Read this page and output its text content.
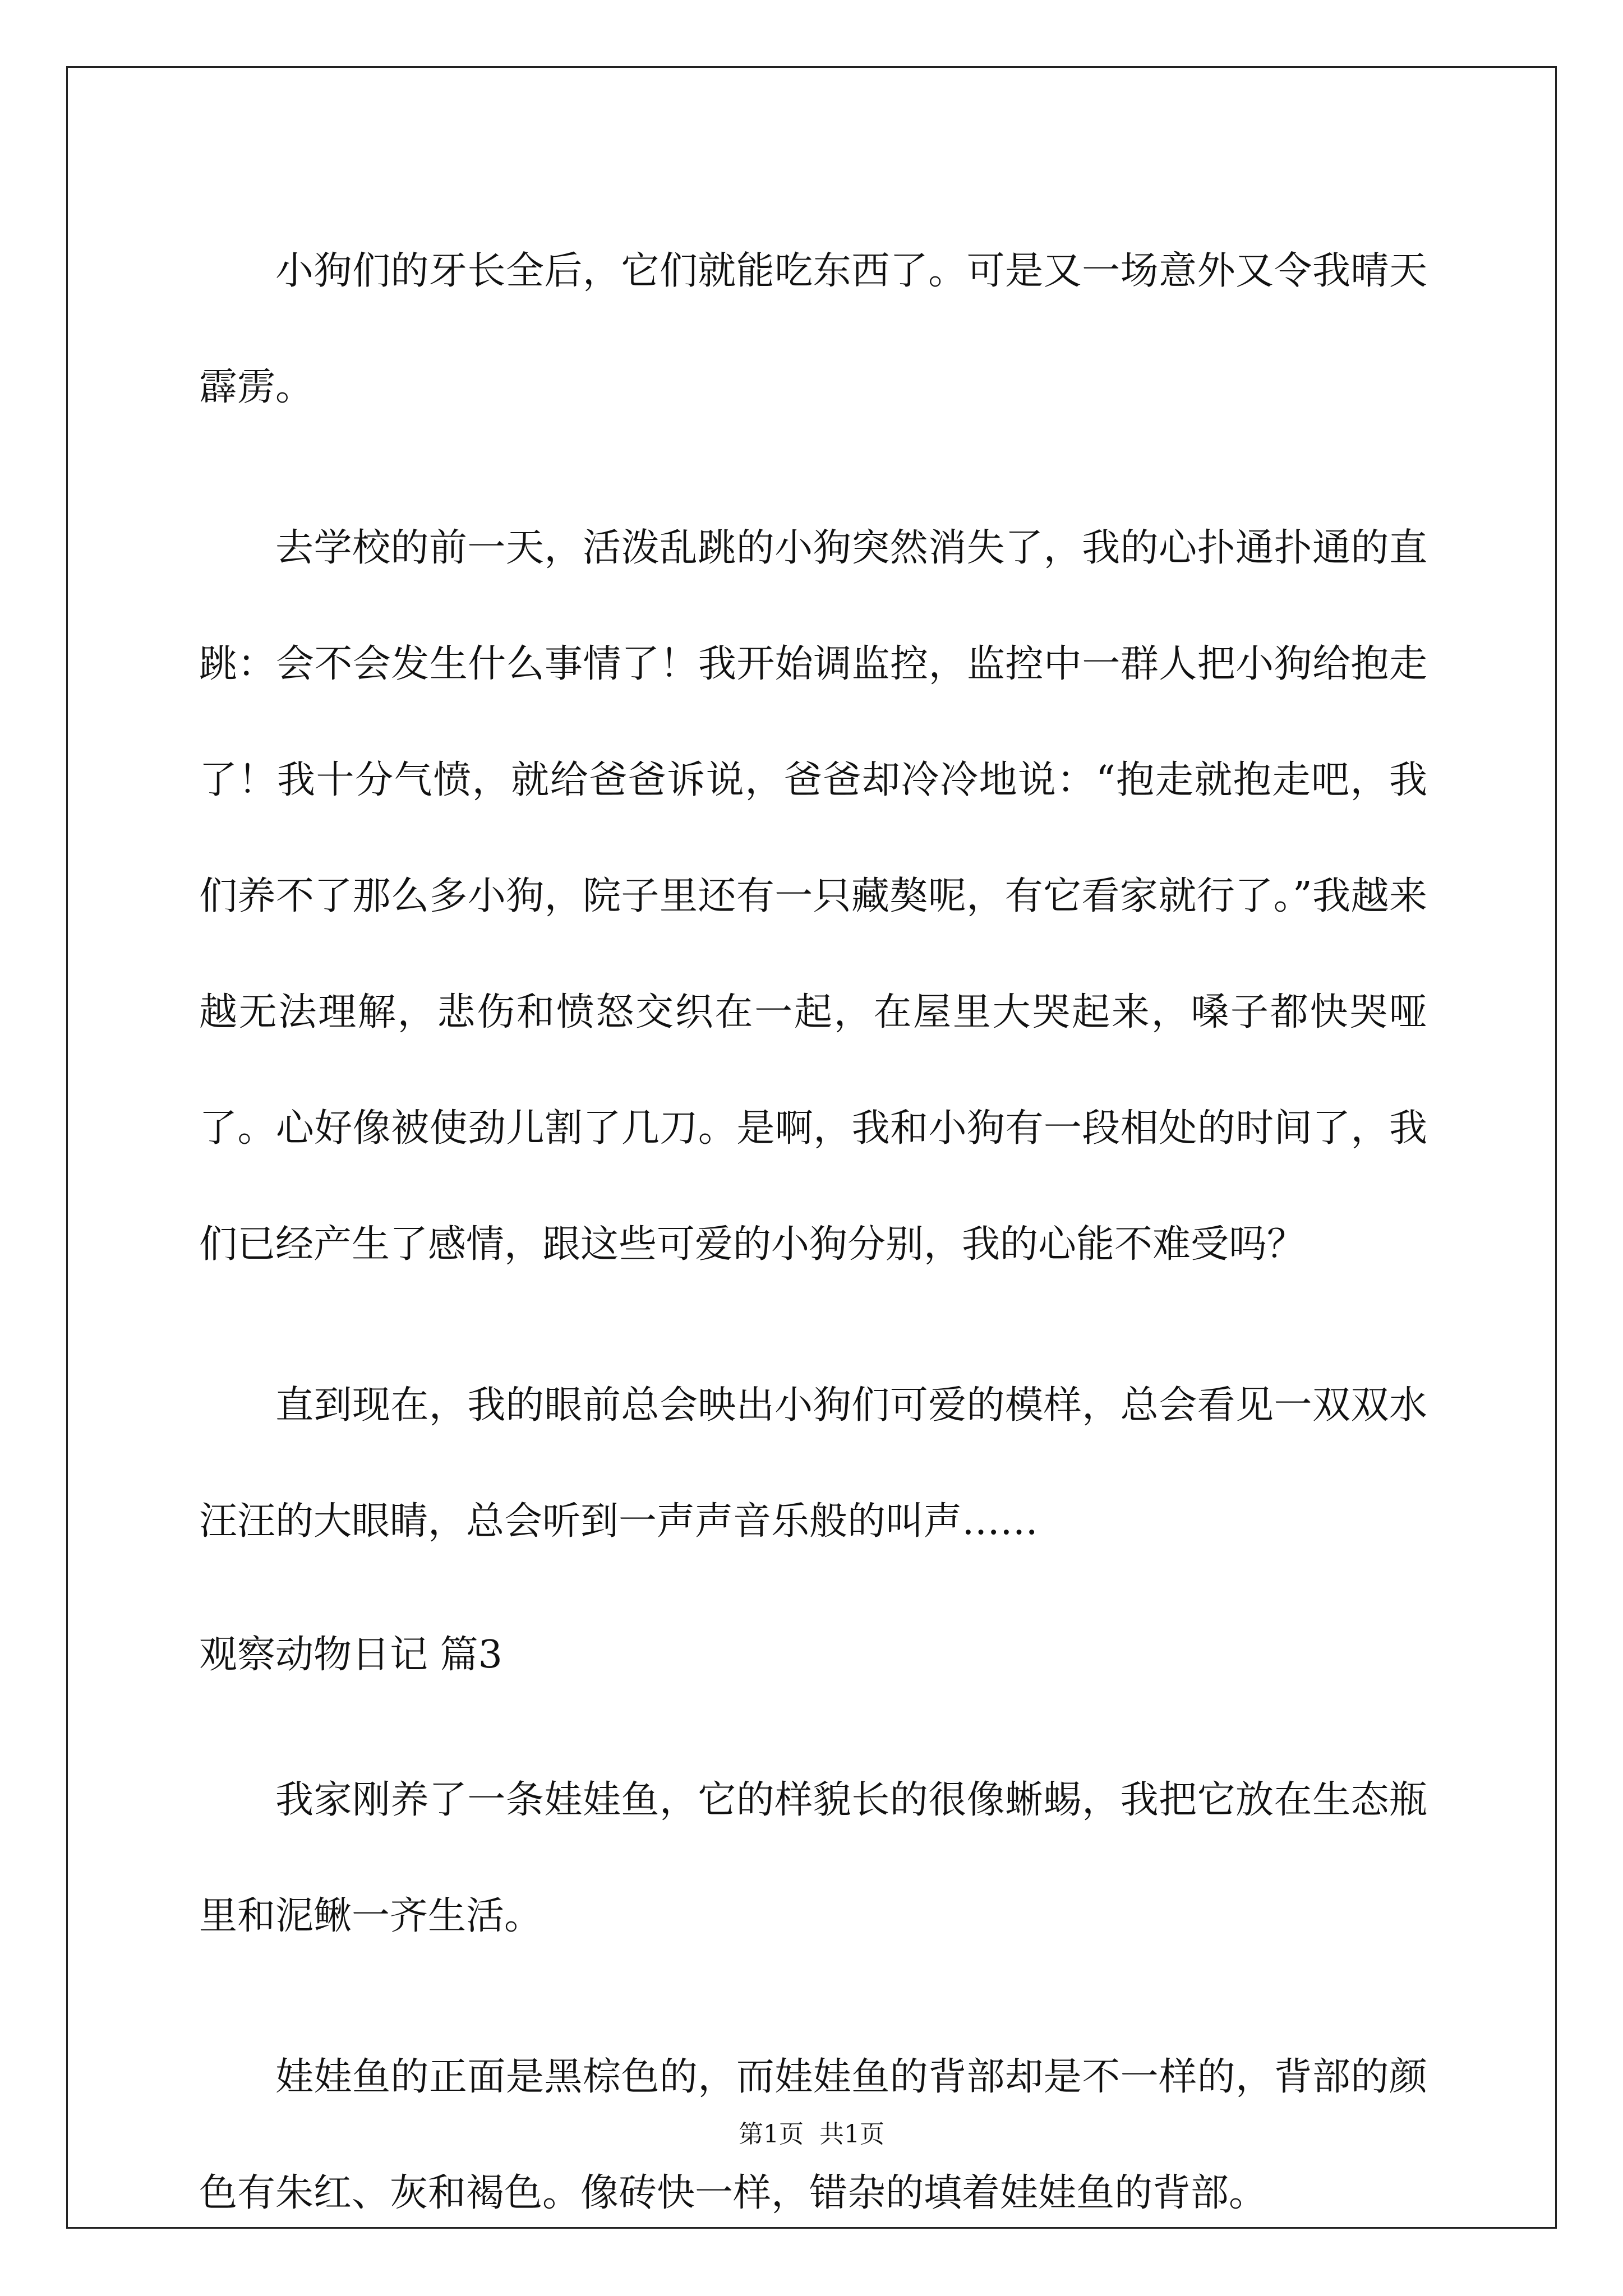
小狗们的牙长全后，它们就能吃东西了。可是又一场意外又令我晴天霹雳。

去学校的前一天，活泼乱跳的小狗突然消失了，我的心扑通扑通的直跳：会不会发生什么事情了！我开始调监控，监控中一群人把小狗给抱走了！我十分气愤，就给爸爸诉说，爸爸却冷冷地说：“抱走就抱走吧，我们养不了那么多小狗，院子里还有一只藏獒呢，有它看家就行了。”我越来越无法理解，悲伤和愤怒交织在一起，在屋里大哭起来，嗓子都快哭哑了。心好像被使劲儿割了几刀。是啊，我和小狗有一段相处的时间了，我们已经产生了感情，跟这些可爱的小狗分别，我的心能不难受吗？

直到现在，我的眼前总会映出小狗们可爱的模样，总会看见一双双水汪汪的大眼睛，总会听到一声声音乐般的叫声……

观察动物日记 篇3

我家刚养了一条娃娃鱼，它的样貌长的很像蜥蜴，我把它放在生态瓶里和泥鳅一齐生活。

娃娃鱼的正面是黑棕色的，而娃娃鱼的背部却是不一样的，背部的颜色有朱红、灰和褐色。像砖快一样，错杂的填着娃娃鱼的背部。

第1页  共1页
